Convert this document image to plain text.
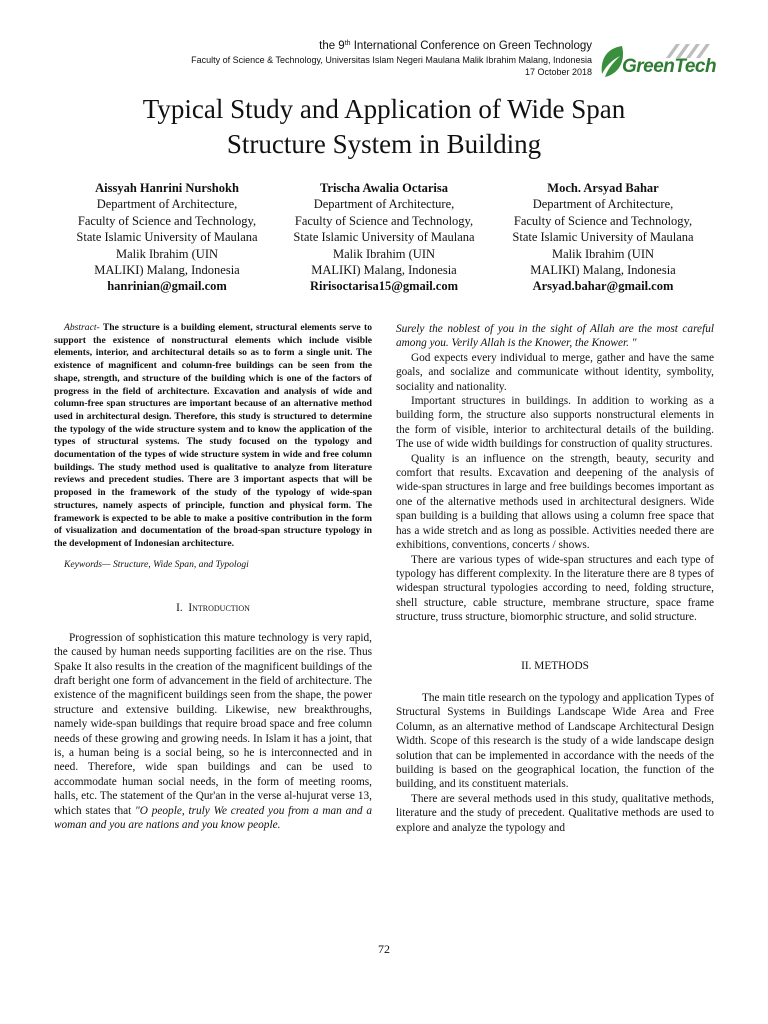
the 9th International Conference on Green Technology
Faculty of Science & Technology, Universitas Islam Negeri Maulana Malik Ibrahim Malang, Indonesia
17 October 2018 GreenTech
Typical Study and Application of Wide Span
Structure System in Building
Aissyah Hanrini Nurshokh
Department of Architecture,
Faculty of Science and Technology,
State Islamic University of Maulana
Malik Ibrahim (UIN
MALIKI) Malang, Indonesia
hanrinian@gmail.com
Trischa Awalia Octarisa
Department of Architecture,
Faculty of Science and Technology,
State Islamic University of Maulana
Malik Ibrahim (UIN
MALIKI) Malang, Indonesia
Ririsoctarisa15@gmail.com
Moch. Arsyad Bahar
Department of Architecture,
Faculty of Science and Technology,
State Islamic University of Maulana
Malik Ibrahim (UIN
MALIKI) Malang, Indonesia
Arsyad.bahar@gmail.com

Abstract- The structure is a building element, structural elements serve to support the existence of nonstructural elements which include visible elements, interior, and architectural details so as to form a single unit. The existence of magnificent and column-free buildings can be seen from the shape, strength, and structure of the building which is one of the factors of progress in the field of architecture. Excavation and analysis of wide and column-free span structures are important because of an alternative method used in architectural design. Therefore, this study is structured to determine the typology of the wide structure system and to know the application of the types of structural systems. The study focused on the typology and documentation of the types of wide structure system in wide and free column buildings. The study method used is qualitative to analyze from literature reviews and precedent studies. There are 3 important aspects that will be proposed in the framework of the study of the typology of wide-span structures, namely aspects of principle, function and physical form. The framework is expected to be able to make a positive contribution in the form of visualization and documentation of the broad-span structure typology in the development of Indonesian architecture.

Keywords— Structure, Wide Span, and Typologi

I. Introduction

Progression of sophistication this mature technology is very rapid, the caused by human needs supporting facilities are on the rise. Thus Spake It also results in the creation of the magnificent buildings of the draft beright one form of advancement in the field of architecture. The existence of the magnificent buildings seen from the shape, the power structure and extensive building. Likewise, new breakthroughs, namely wide-span buildings that require broad space and free column needs of these growing and growing needs. In Islam it has a joint, that is, a human being is a social being, so he is interconnected and in need. Therefore, wide span buildings and can be used to accommodate human social needs, in the form of meeting rooms, halls, etc. The statement of the Qur'an in the verse al-hujurat verse 13, which states that "O people, truly We created you from a man and a woman and you are nations and you know people.

Surely the noblest of you in the sight of Allah are the most careful among you. Verily Allah is the Knower, the Knower. "

God expects every individual to merge, gather and have the same goals, and socialize and communicate without identity, symbolity, sociality and nationality.

Important structures in buildings. In addition to working as a building form, the structure also supports nonstructural elements in the form of visible, interior to architectural details of the building. The use of wide width buildings for construction of quality structures.

Quality is an influence on the strength, beauty, security and comfort that results. Excavation and deepening of the analysis of wide-span structures in large and free buildings becomes important as one of the alternative methods used in architectural designers. Wide span building is a building that allows using a column free space that has a wide stretch and as long as possible. Activities needed there are exhibitions, conventions, concerts / shows.

There are various types of wide-span structures and each type of typology has different complexity. In the literature there are 8 types of widespan structural typologies according to need, folding structure, shell structure, cable structure, membrane structure, space frame structure, truss structure, biomorphic structure, and solid structure.

II. METHODS

The main title research on the typology and application Types of Structural Systems in Buildings Landscape Wide Area and Free Column, as an alternative method of Landscape Architectural Design Width. Scope of this research is the study of a wide landscape design solution that can be implemented in accordance with the needs of the building is based on the geographical location, the function of the building, and its constituent materials.

There are several methods used in this study, qualitative methods, literature and the study of precedent. Qualitative methods are used to explore and analyze the typology and

72
